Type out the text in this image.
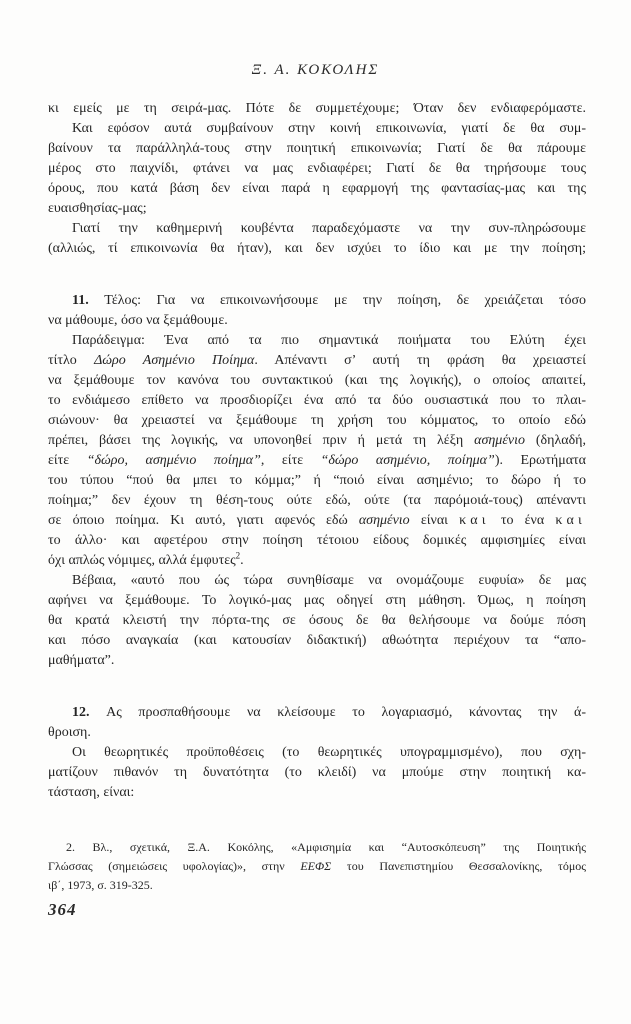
Ξ. Α. ΚΟΚΟΛΗΣ
κι εμείς με τη σειρά-μας. Πότε δε συμμετέχουμε; Όταν δεν ενδιαφερόμαστε.
Και εφόσον αυτά συμβαίνουν στην κοινή επικοινωνία, γιατί δε θα συμ-
βαίνουν τα παράλληλά-τους στην ποιητική επικοινωνία; Γιατί δε θα πάρουμε
μέρος στο παιχνίδι, φτάνει να μας ενδιαφέρει; Γιατί δε θα τηρήσουμε τους
όρους, που κατά βάση δεν είναι παρά η εφαρμογή της φαντασίας-μας και της
ευαισθησίας-μας;
Γιατί την καθημερινή κουβέντα παραδεχόμαστε να την συν-πληρώσουμε
(αλλιώς, τί επικοινωνία θα ήταν), και δεν ισχύει το ίδιο και με την ποίηση;
11. Τέλος: Για να επικοινωνήσουμε με την ποίηση, δε χρειάζεται τόσο
να μάθουμε, όσο να ξεμάθουμε.
Παράδειγμα: Ένα από τα πιο σημαντικά ποιήματα του Ελύτη έχει
τίτλο Δώρο Ασημένιο Ποίημα. Απέναντι σ’ αυτή τη φράση θα χρειαστεί
να ξεμάθουμε τον κανόνα του συντακτικού (και της λογικής), ο οποίος απαιτεί,
το ενδιάμεσο επίθετο να προσδιορίζει ένα από τα δύο ουσιαστικά που το πλαι-
σιώνουν· θα χρειαστεί να ξεμάθουμε τη χρήση του κόμματος, το οποίο εδώ
πρέπει, βάσει της λογικής, να υπονοηθεί πριν ή μετά τη λέξη ασημένιο (δηλαδή,
είτε “δώρο, ασημένιο ποίημα”, είτε “δώρο ασημένιο, ποίημα”). Ερωτήματα
του τύπου “πού θα μπει το κόμμα;” ή “ποιό είναι ασημένιο; το δώρο ή το
ποίημα;” δεν έχουν τη θέση-τους ούτε εδώ, ούτε (τα παρόμοιά-τους) απέναντι
σε όποιο ποίημα. Κι αυτό, γιατι αφενός εδώ ασημένιο είναι και το ένα και
το άλλο· και αφετέρου στην ποίηση τέτοιου είδους δομικές αμφισημίες είναι
όχι απλώς νόμιμες, αλλά έμφυτες$^2$.
Βέβαια, «αυτό που ώς τώρα συνηθίσαμε να ονομάζουμε ευφυία» δε μας
αφήνει να ξεμάθουμε. Το λογικό-μας μας οδηγεί στη μάθηση. Όμως, η ποίηση
θα κρατά κλειστή την πόρτα-της σε όσους δε θα θελήσουμε να δούμε πόση
και πόσο αναγκαία (και κατουσίαν διδακτική) αθωότητα περιέχουν τα “απο-
μαθήματα”.
12. Ας προσπαθήσουμε να κλείσουμε το λογαριασμό, κάνοντας την ά-
θροιση.
Οι θεωρητικές προϋποθέσεις (το θεωρητικές υπογραμμισμένο), που σχη-
ματίζουν πιθανόν τη δυνατότητα (το κλειδί) να μπούμε στην ποιητική κα-
τάσταση, είναι:
2. Βλ., σχετικά, Ξ.Α. Κοκόλης, «Αμφισημία και “Αυτοσκόπευση” της Ποιητικής
Γλώσσας (σημειώσεις υφολογίας)», στην ΕΕΦΣ του Πανεπιστημίου Θεσσαλονίκης, τόμος
ιβ΄, 1973, σ. 319-325.
364
